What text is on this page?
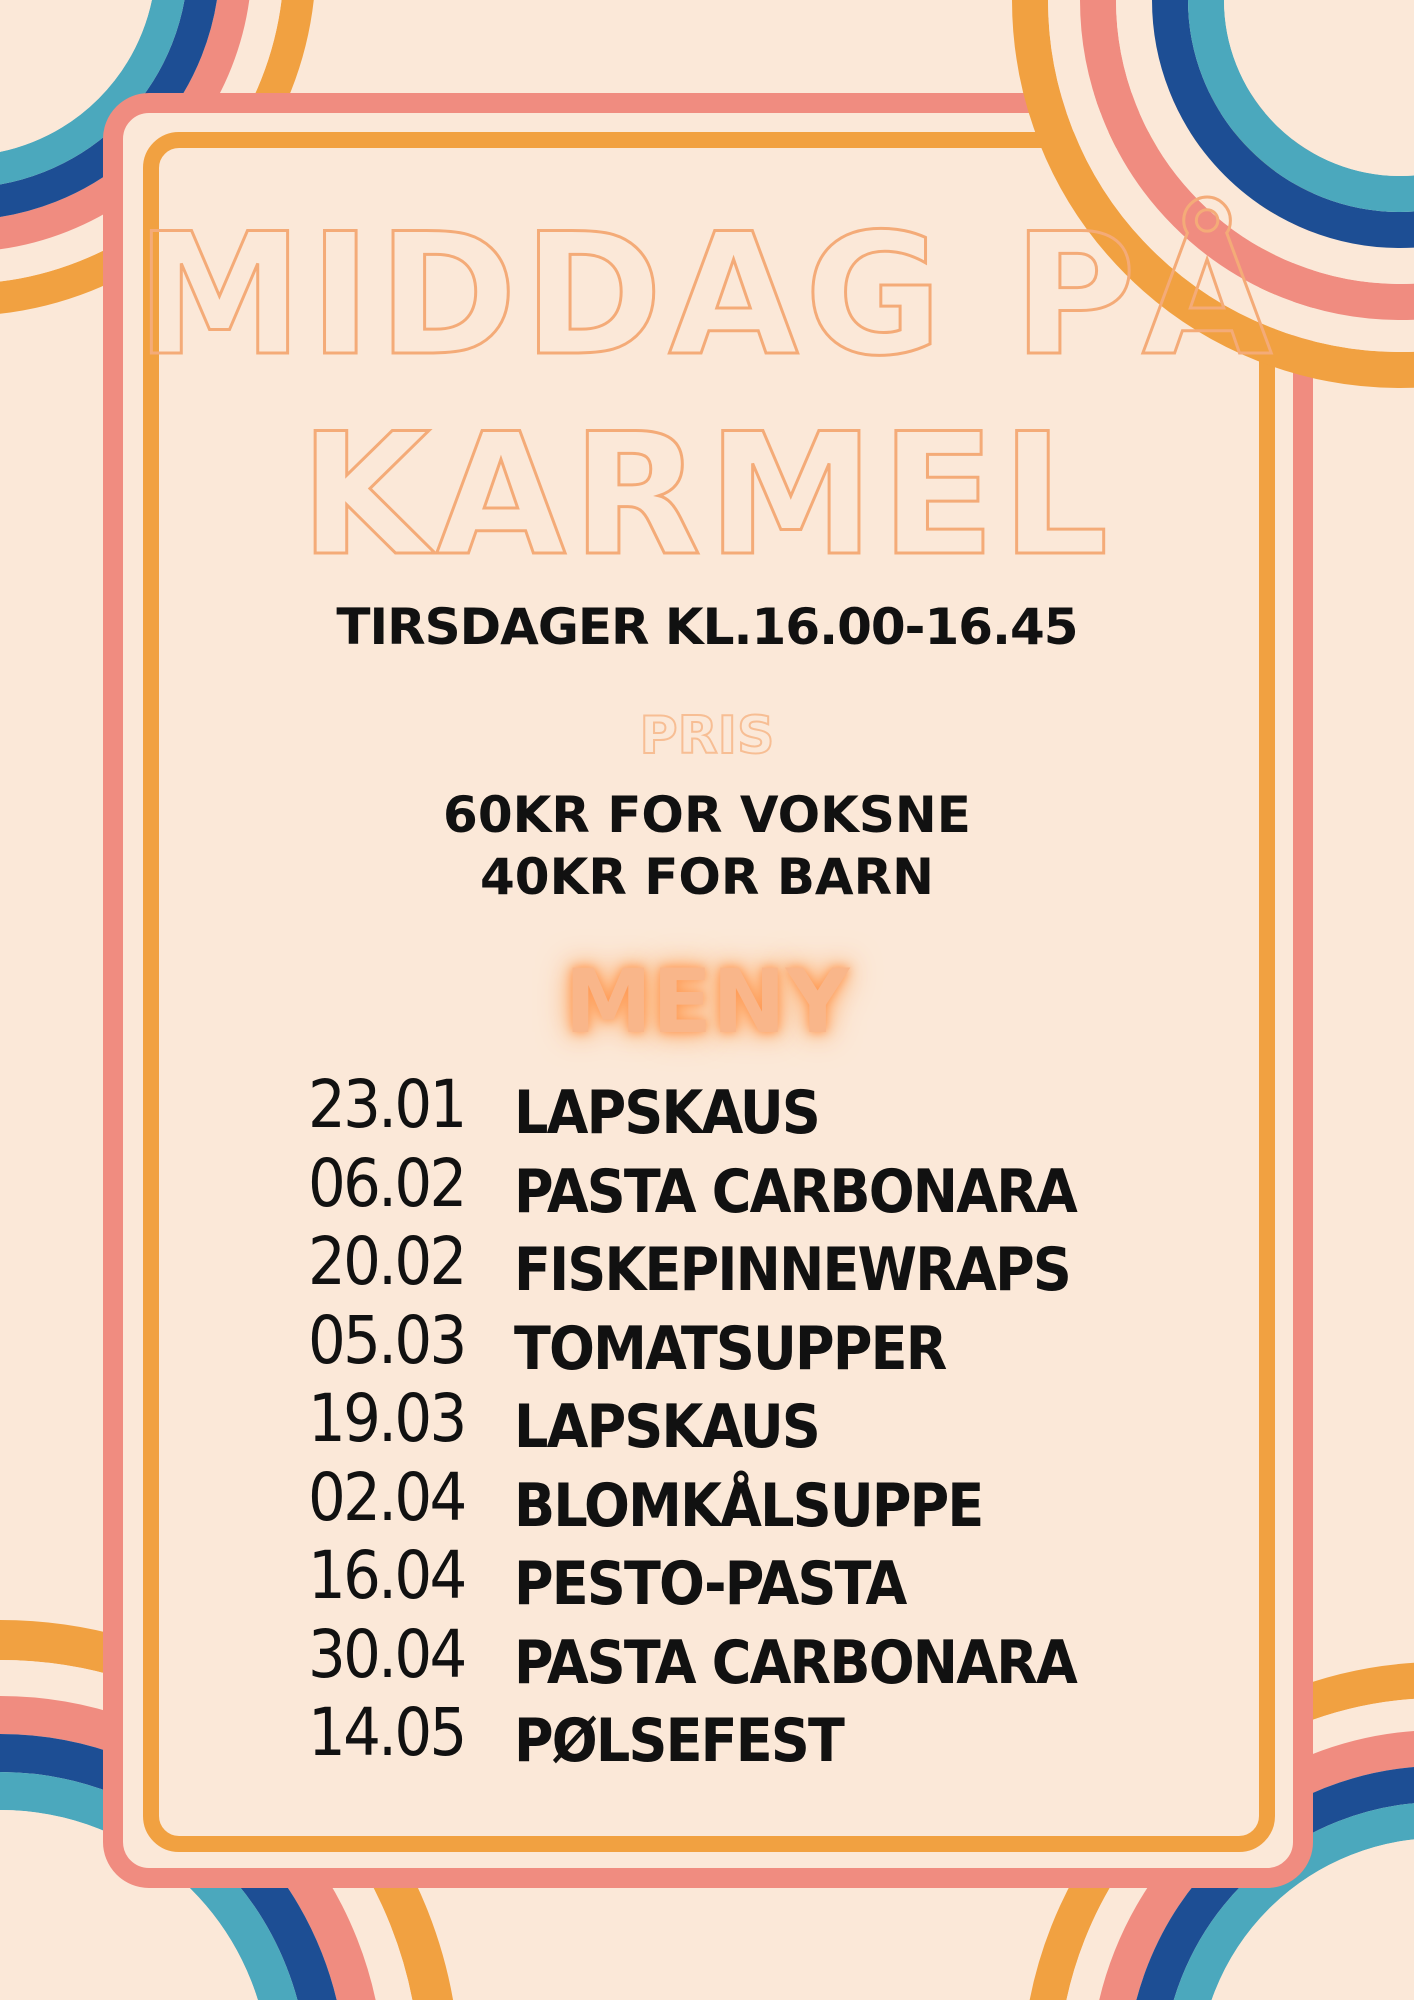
MIDDAG PÅ
KARMEL
TIRSDAGER KL.16.00-16.45
PRIS
60KR FOR VOKSNE
40KR FOR BARN
MENY
23.01 LAPSKAUS
06.02 PASTA CARBONARA
20.02 FISKEPINNEWRAPS
05.03 TOMATSUPPER
19.03 LAPSKAUS
02.04 BLOMKÅLSUPPE
16.04 PESTO-PASTA
30.04 PASTA CARBONARA
14.05 PØLSEFEST
